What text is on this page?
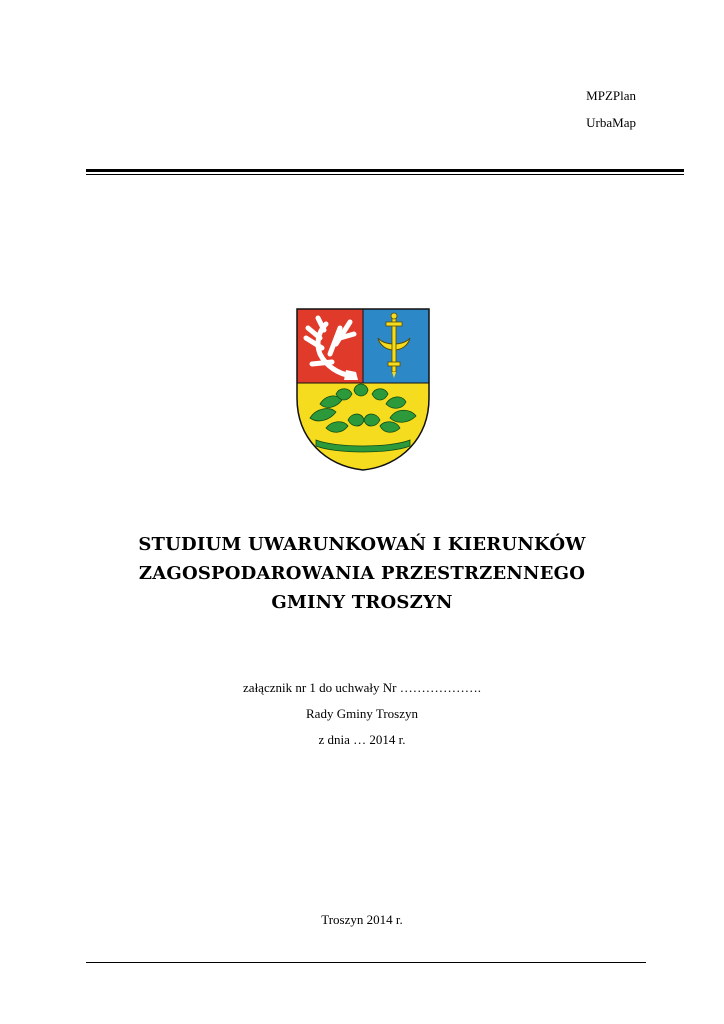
MPZPlan
UrbaMap
STUDIUM UWARUNKOWAŃ I KIERUNKÓW
ZAGOSPODAROWANIA PRZESTRZENNEGO
GMINY TROSZYN
załącznik nr 1 do uchwały Nr ……………….
Rady Gminy Troszyn
z dnia … 2014 r.
Troszyn 2014 r.
